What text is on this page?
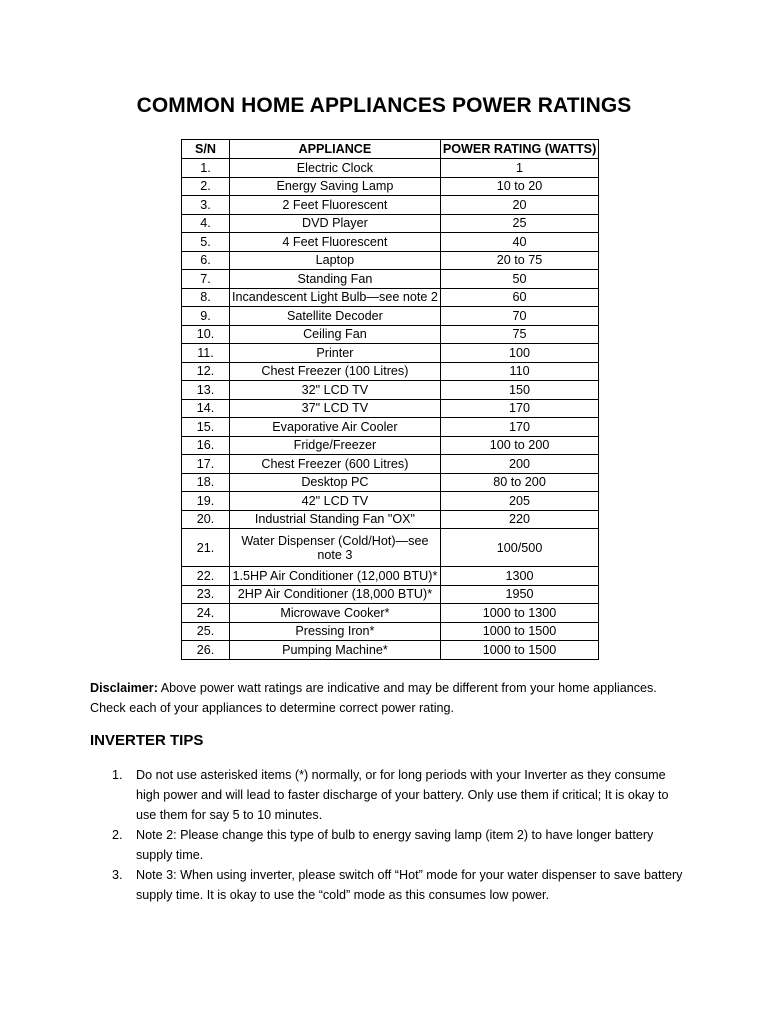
COMMON HOME APPLIANCES POWER RATINGS
S/N	APPLIANCE	POWER RATING (WATTS)
1.	Electric Clock	1
2.	Energy Saving Lamp	10 to 20
3.	2 Feet Fluorescent	20
4.	DVD Player	25
5.	4 Feet Fluorescent	40
6.	Laptop	20 to 75
7.	Standing Fan	50
8.	Incandescent Light Bulb—see note 2	60
9.	Satellite Decoder	70
10.	Ceiling Fan	75
11.	Printer	100
12.	Chest Freezer (100 Litres)	110
13.	32" LCD TV	150
14.	37" LCD TV	170
15.	Evaporative Air Cooler	170
16.	Fridge/Freezer	100 to 200
17.	Chest Freezer (600 Litres)	200
18.	Desktop PC	80 to 200
19.	42" LCD TV	205
20.	Industrial Standing Fan "OX"	220
21.	Water Dispenser (Cold/Hot)—see note 3	100/500
22.	1.5HP Air Conditioner (12,000 BTU)*	1300
23.	2HP Air Conditioner (18,000 BTU)*	1950
24.	Microwave Cooker*	1000 to 1300
25.	Pressing Iron*	1000 to 1500
26.	Pumping Machine*	1000 to 1500

Disclaimer: Above power watt ratings are indicative and may be different from your home appliances.
Check each of your appliances to determine correct power rating.

INVERTER TIPS
1. Do not use asterisked items (*) normally, or for long periods with your Inverter as they consume high power and will lead to faster discharge of your battery. Only use them if critical; It is okay to use them for say 5 to 10 minutes.
2. Note 2: Please change this type of bulb to energy saving lamp (item 2) to have longer battery supply time.
3. Note 3: When using inverter, please switch off “Hot” mode for your water dispenser to save battery supply time. It is okay to use the “cold” mode as this consumes low power.
